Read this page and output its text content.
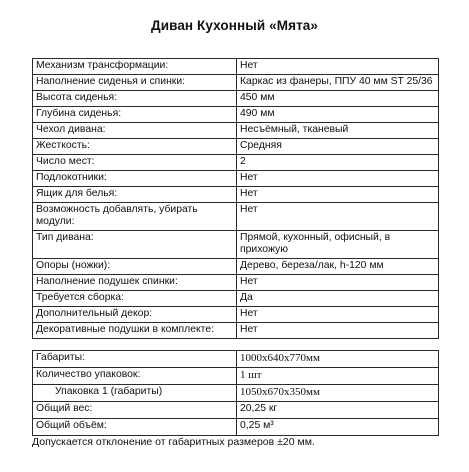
Диван Кухонный «Мята»
Механизм трансформации:	Нет
Наполнение сиденья и спинки:	Каркас из фанеры, ППУ 40 мм ST 25/36
Высота сиденья:	450 мм
Глубина сиденья:	490 мм
Чехол дивана:	Несъёмный, тканевый
Жесткость:	Средняя
Число мест:	2
Подлокотники:	Нет
Ящик для белья:	Нет
Возможность добавлять, убирать модули:	Нет
Тип дивана:	Прямой, кухонный, офисный, в прихожую
Опоры (ножки):	Дерево, береза/лак, h-120 мм
Наполнение подушек спинки:	Нет
Требуется сборка:	Да
Дополнительный декор:	Нет
Декоративные подушки в комплекте:	Нет
Габариты:	1000х640х770мм
Количество упаковок:	1 шт
Упаковка 1 (габариты)	1050х670х350мм
Общий вес:	20,25 кг
Общий объём:	0,25 м³
Допускается отклонение от габаритных размеров ±20 мм.
